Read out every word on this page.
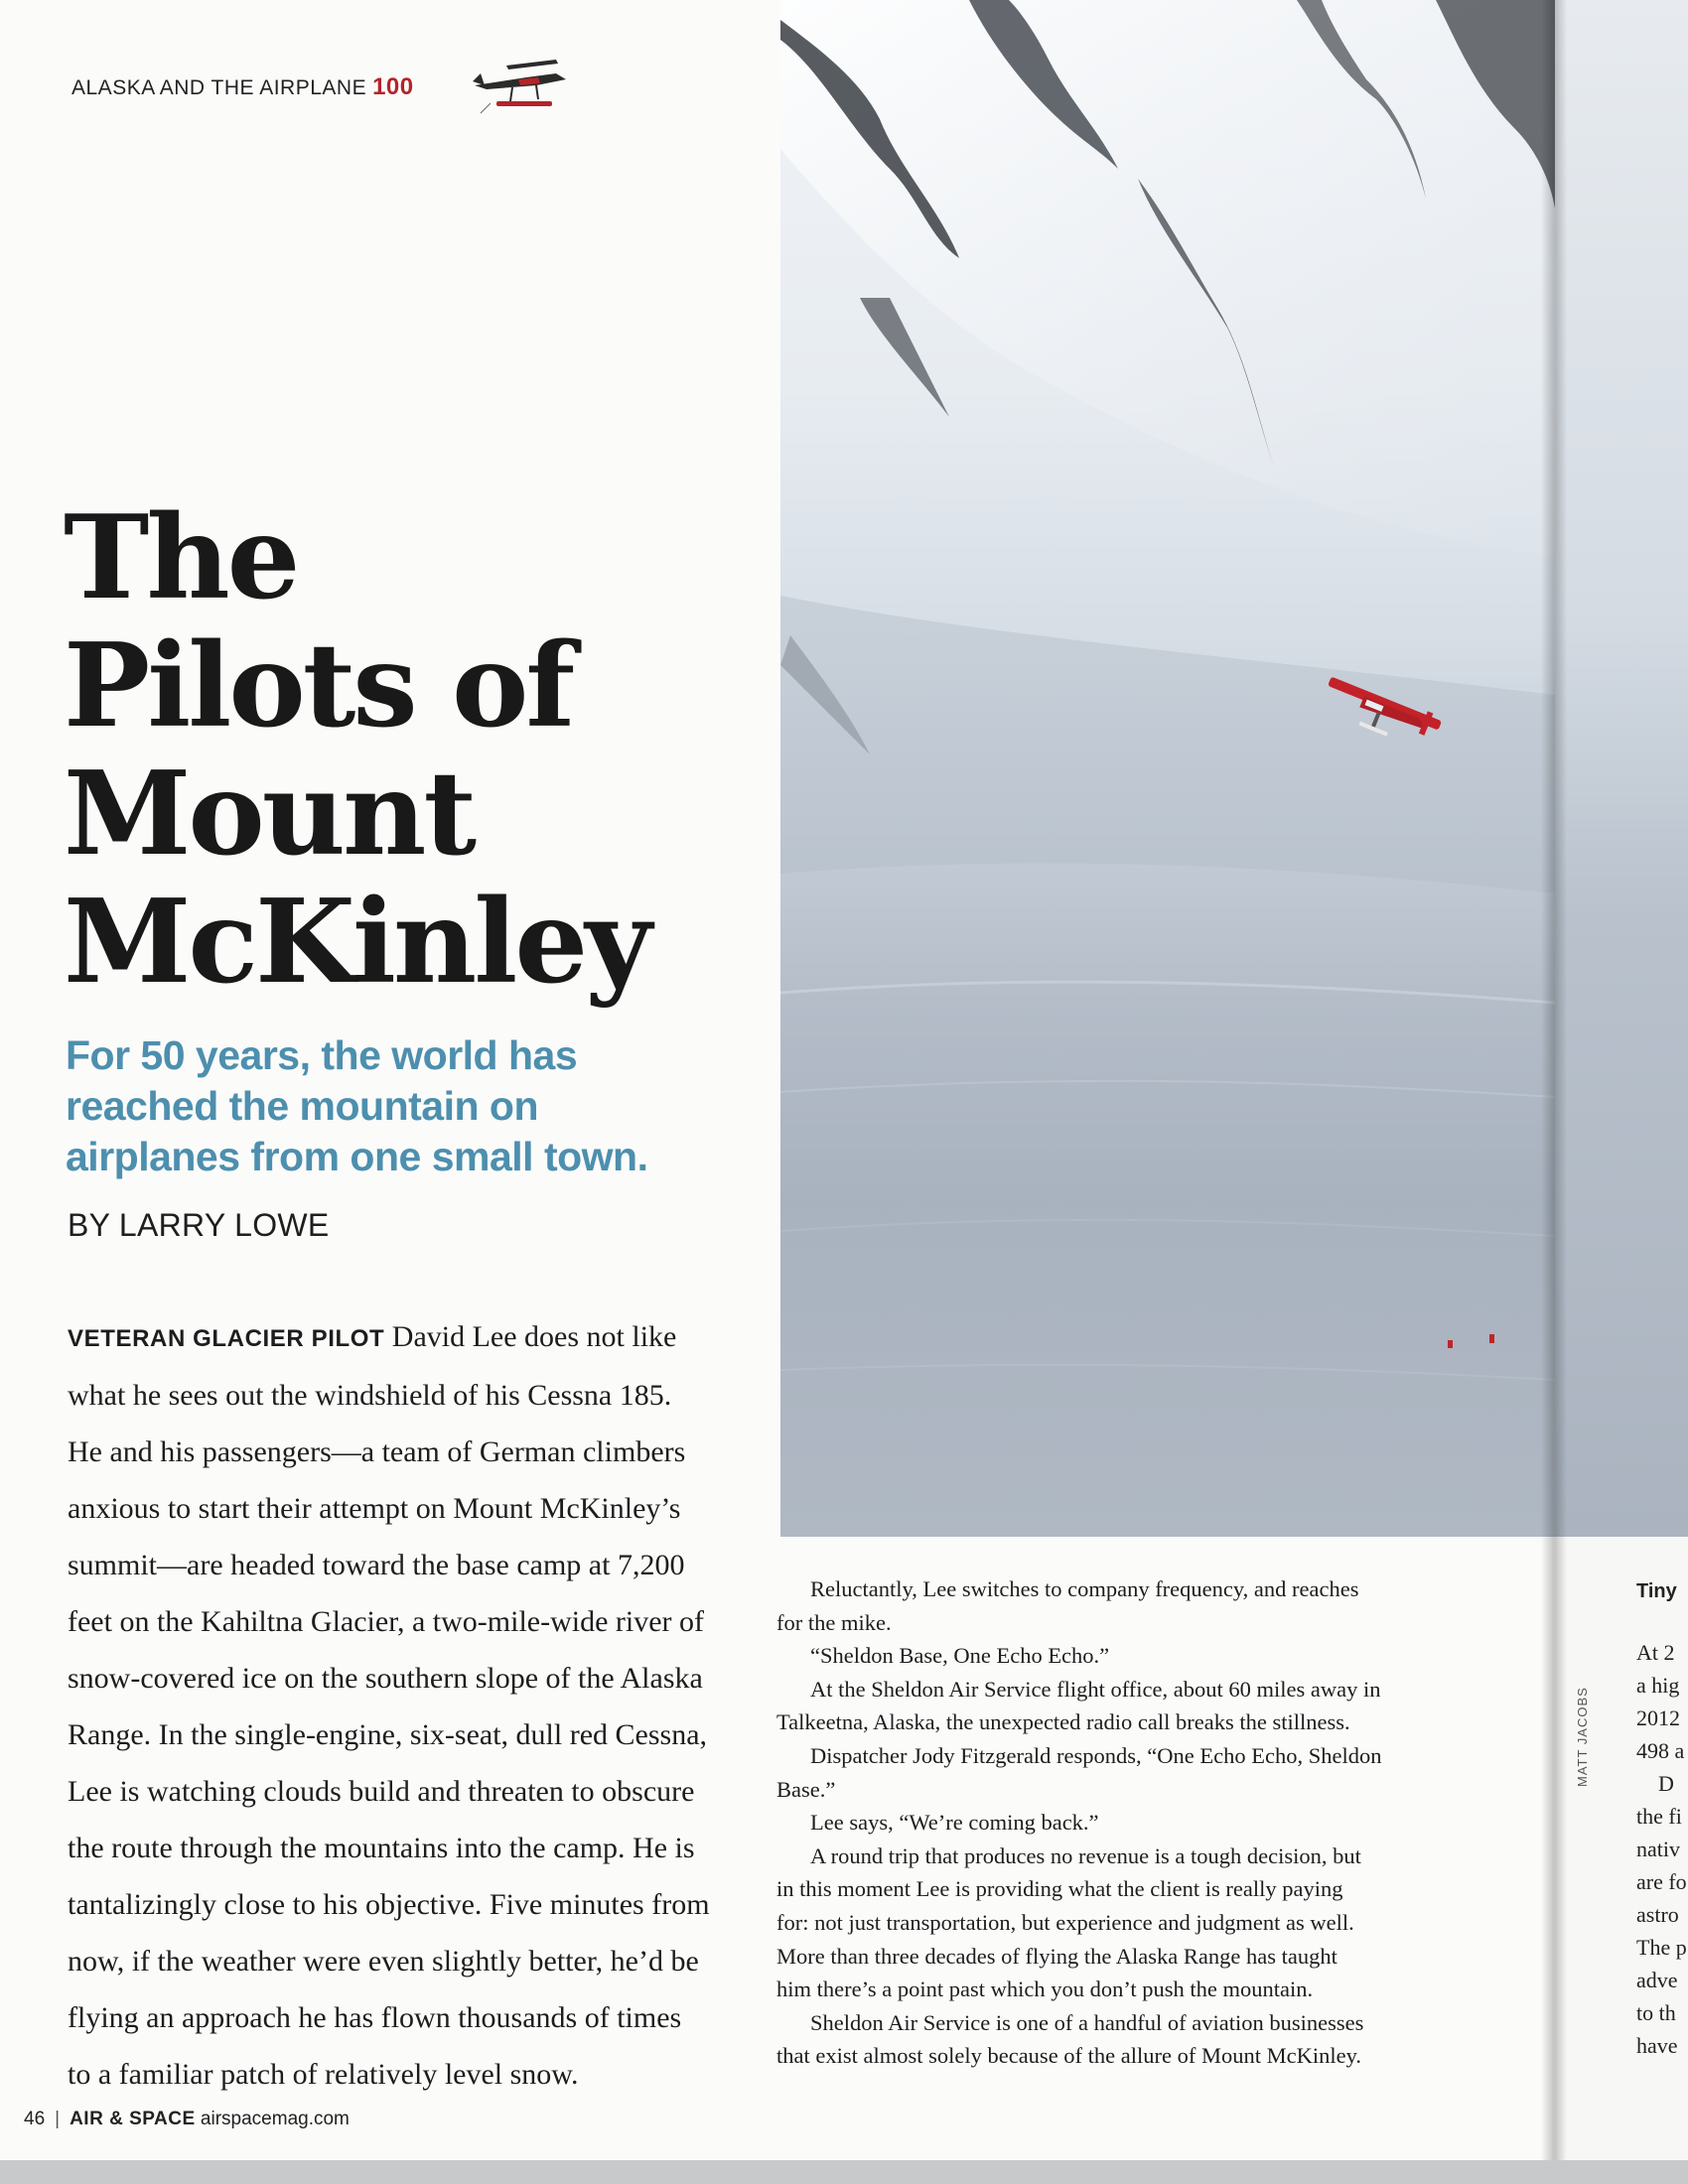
MATT JACOBS
Tiny
At 2
a hig
2012
498 a
D
the fi
nativ
are fo
astro
The p
adve
to th
have
ALASKA AND THE AIRPLANE 100
The
Pilots of
Mount
McKinley
For 50 years, the world has
reached the mountain on
airplanes from one small town.
BY LARRY LOWE
VETERAN GLACIER PILOT David Lee does not like
what he sees out the windshield of his Cessna 185.
He and his passengers—a team of German climbers
anxious to start their attempt on Mount McKinley’s
summit—are headed toward the base camp at 7,200
feet on the Kahiltna Glacier, a two-mile-wide river of
snow-covered ice on the southern slope of the Alaska
Range. In the single-engine, six-seat, dull red Cessna,
Lee is watching clouds build and threaten to obscure
the route through the mountains into the camp. He is
tantalizingly close to his objective. Five minutes from
now, if the weather were even slightly better, he’d be
flying an approach he has flown thousands of times
to a familiar patch of relatively level snow.
Reluctantly, Lee switches to company frequency, and reaches
for the mike.
“Sheldon Base, One Echo Echo.”
At the Sheldon Air Service flight office, about 60 miles away in
Talkeetna, Alaska, the unexpected radio call breaks the stillness.
Dispatcher Jody Fitzgerald responds, “One Echo Echo, Sheldon
Base.”
Lee says, “We’re coming back.”
A round trip that produces no revenue is a tough decision, but
in this moment Lee is providing what the client is really paying
for: not just transportation, but experience and judgment as well.
More than three decades of flying the Alaska Range has taught
him there’s a point past which you don’t push the mountain.
Sheldon Air Service is one of a handful of aviation businesses
that exist almost solely because of the allure of Mount McKinley.
46 | AIR & SPACE airspacemag.com
